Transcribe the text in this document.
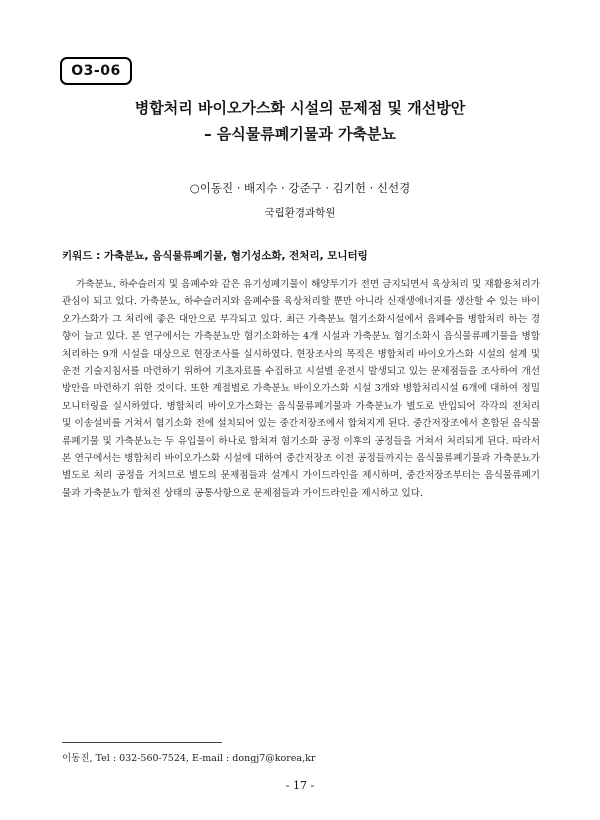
O3-06
병합처리 바이오가스화 시설의 문제점 및 개선방안
– 음식물류폐기물과 가축분뇨
○이동진 · 배지수 · 강준구 · 김기헌 · 신선경
국립환경과학원
키워드 : 가축분뇨, 음식물류폐기물, 혐기성소화, 전처리, 모니터링

가축분뇨, 하수슬러지 및 음폐수와 같은 유기성폐기물이 해양투기가 전면 금지되면서 육상처리 및 재활용처리가 관심이 되고 있다. 가축분뇨, 하수슬러지와 음폐수를 육상처리할 뿐만 아니라 신재생에너지를 생산할 수 있는 바이오가스화가 그 처리에 좋은 대안으로 부각되고 있다. 최근 가축분뇨 혐기소화시설에서 음폐수를 병합처리 하는 경향이 늘고 있다. 본 연구에서는 가축분뇨만 혐기소화하는 4개 시설과 가축분뇨 혐기소화시 음식물류폐기물을 병합처리하는 9개 시설을 대상으로 현장조사를 실시하였다. 현장조사의 목적은 병합처리 바이오가스화 시설의 설계 및 운전 기술지침서를 마련하기 위하여 기초자료를 수집하고 시설별 운전시 발생되고 있는 문제점들을 조사하여 개선방안을 마련하기 위한 것이다. 또한 계절별로 가축분뇨 바이오가스화 시설 3개와 병합처리시설 6개에 대하여 정밀모니터링을 실시하였다. 병합처리 바이오가스화는 음식물류폐기물과 가축분뇨가 별도로 반입되어 각각의 전처리 및 이송설비를 거쳐서 혐기소화 전에 설치되어 있는 중간저장조에서 합쳐지게 된다. 중간저장조에서 혼합된 음식물류폐기물 및 가축분뇨는 두 유입물이 하나로 합쳐져 혐기소화 공정 이후의 공정들을 거쳐서 처리되게 된다. 따라서 본 연구에서는 병합처리 바이오가스화 시설에 대하여 중간저장조 이전 공정들까지는 음식물류폐기물과 가축분뇨가 별도로 처리 공정을 거치므로 별도의 문제점들과 설계시 가이드라인을 제시하며, 중간저장조부터는 음식물류폐기물과 가축분뇨가 합쳐진 상태의 공통사항으로 문제점들과 가이드라인을 제시하고 있다.

이동진, Tel : 032-560-7524, E-mail : dongj7@korea,kr
- 17 -
